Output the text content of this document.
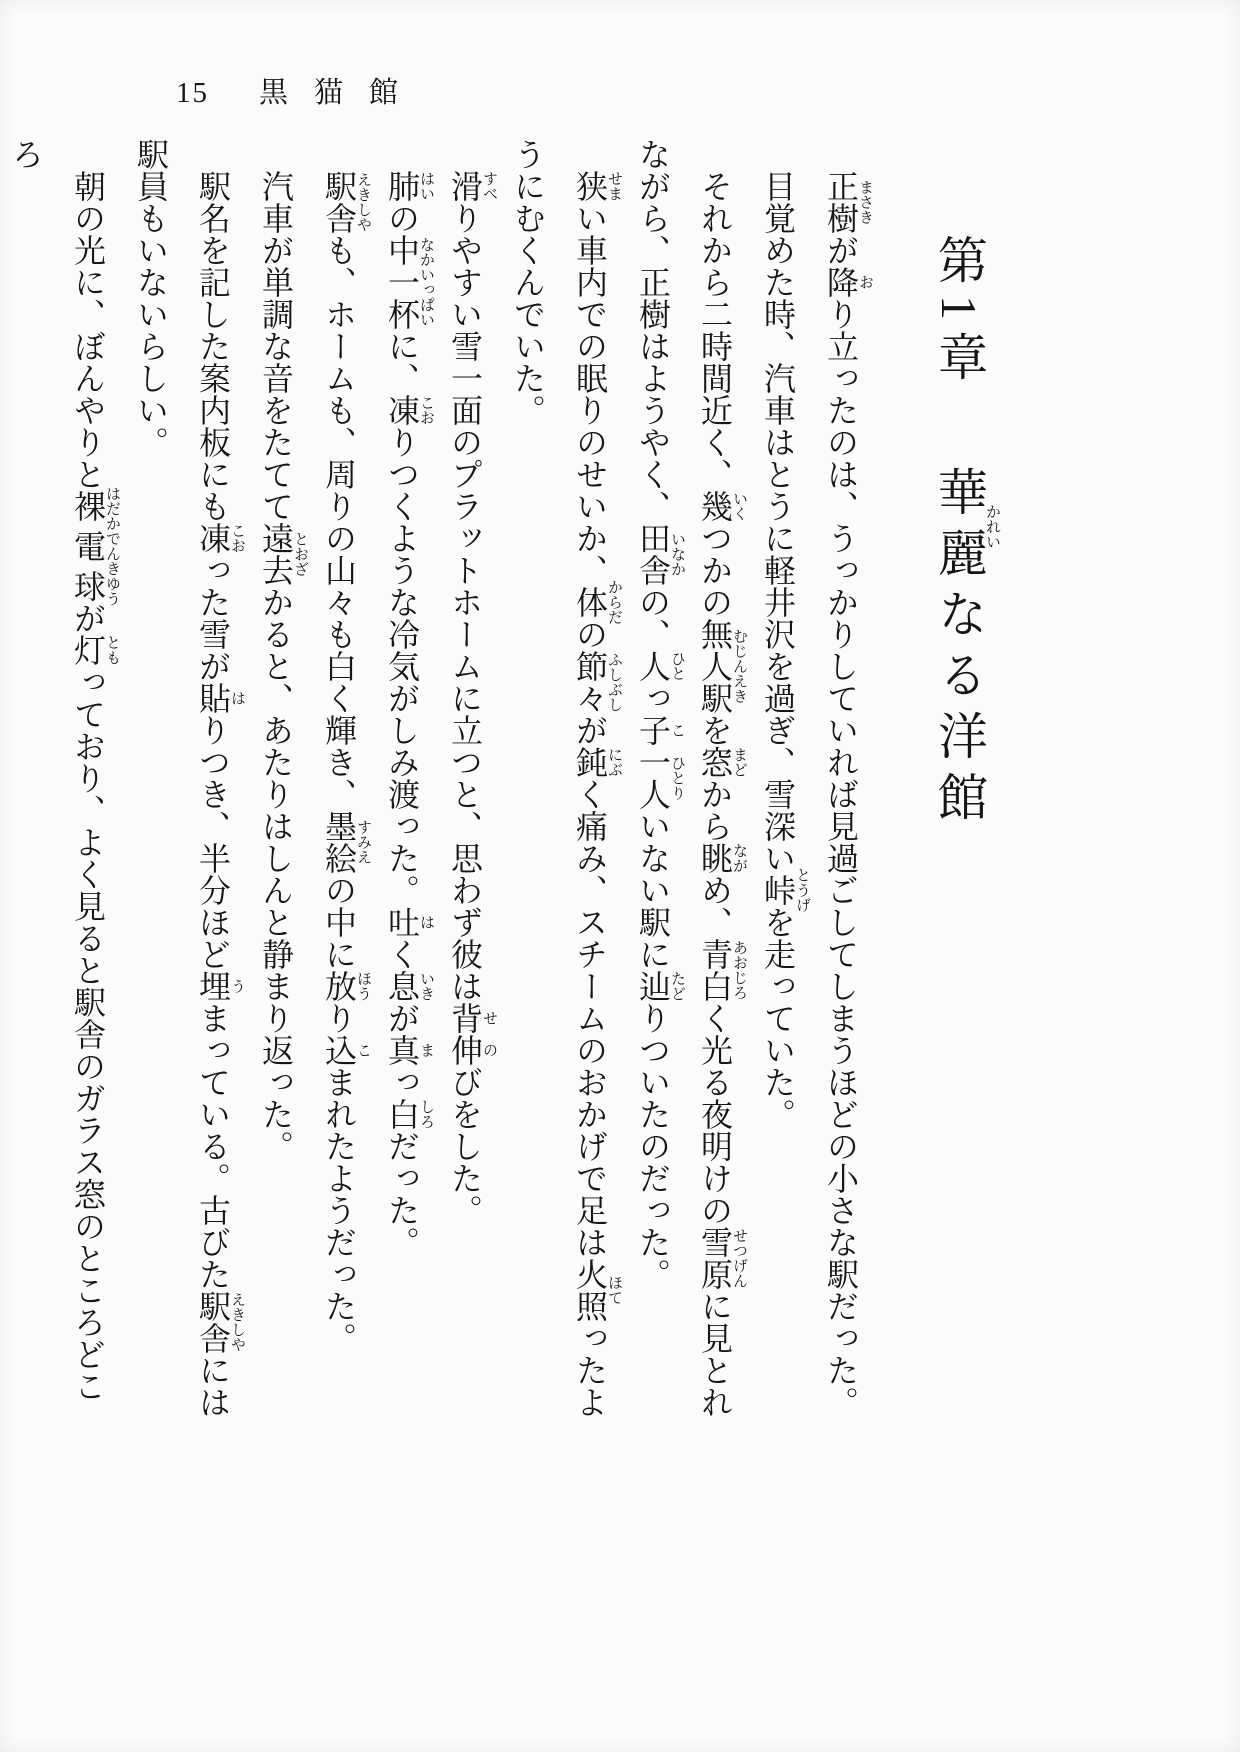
15 黒猫館
第1章 華麗かれいなる洋館

正樹まさきが降おり立ったのは、うっかりしていれば見過ごしてしまうほどの小さな駅だった。

目覚めた時、汽車はとうに軽井沢を過ぎ、雪深い峠とうげを走っていた。

それから二時間近く、幾いくつかの無人駅むじんえきを窓まどから眺ながめ、青白あおじろく光る夜明けの雪原せつげんに見とれながら、正樹はようやく、田舎いなかの、人ひとっ子こ一人ひとりいない駅に辿たどりついたのだった。

狭せまい車内での眠りのせいか、体からだの節々ふしぶしが鈍にぶく痛み、スチームのおかげで足は火照ほてったようにむくんでいた。

滑すべりやすい雪一面のプラットホームに立つと、思わず彼は背せ伸のびをした。

肺はいの中一杯なかいっぱいに、凍こおりつくような冷気がしみ渡った。吐はく息いきが真まっ白しろだった。

駅舎えきしやも、ホームも、周りの山々も白く輝き、墨絵すみえの中に放ほうり込こまれたようだった。

汽車が単調な音をたてて遠去とおざかると、あたりはしんと静まり返った。

駅名を記した案内板にも凍こおった雪が貼はりつき、半分ほど埋うまっている。古びた駅舎えきしやには駅員もいないらしい。

朝の光に、ぼんやりと裸電球はだかでんきゆうが灯ともっており、よく見ると駅舎のガラス窓のところどころ
